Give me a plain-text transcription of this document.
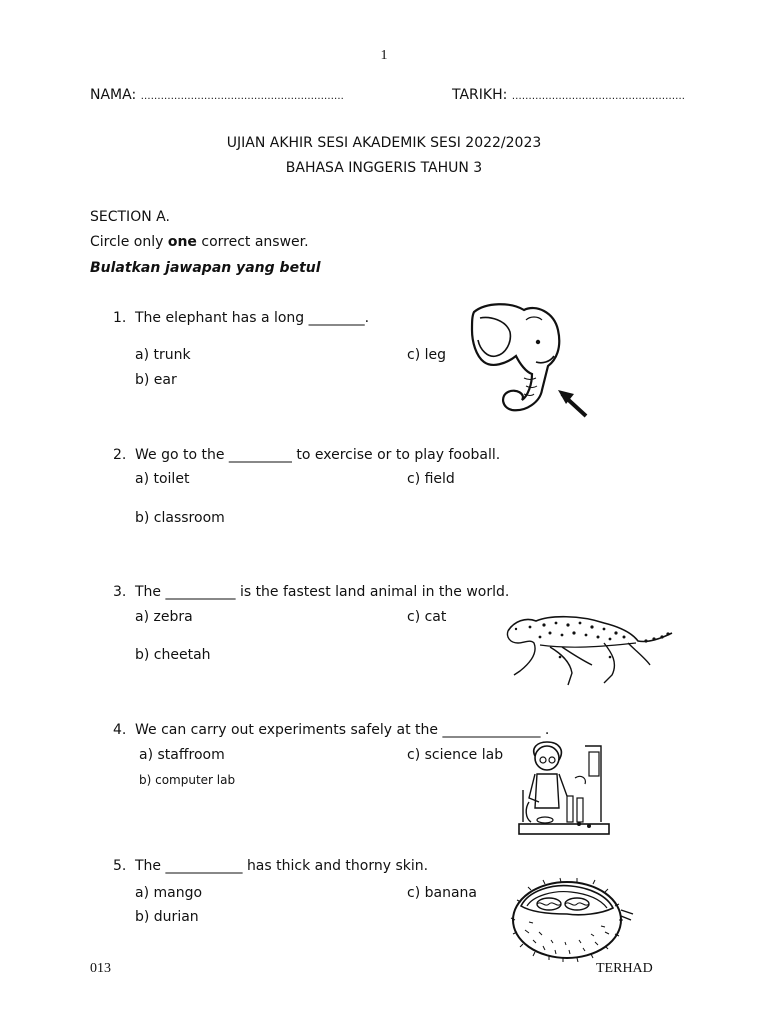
1
NAMA: …………………………………………………….	TARIKH: …………………………………………….
UJIAN AKHIR SESI AKADEMIK SESI 2022/2023
BAHASA INGGERIS TAHUN 3
SECTION A.
Circle only one correct answer.
Bulatkan jawapan yang betul
1. The elephant has a long ________.
a) trunk
b) ear
c) leg
2. We go to the _________ to exercise or to play fooball.
a) toilet
b) classroom
c) field
3. The __________ is the fastest land animal in the world.
a) zebra
b) cheetah
c) cat
4. We can carry out experiments safely at the ______________ .
a) staffroom
b) computer lab
c) science lab
5. The ___________ has thick and thorny skin.
a) mango
b) durian
c) banana
013	TERHAD
